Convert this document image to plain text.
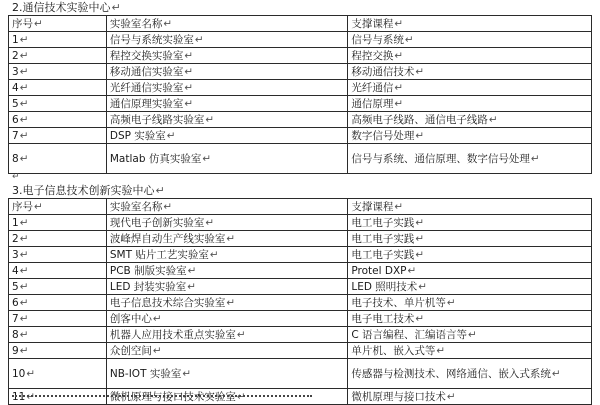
2.通信技术实验中心↵
序号↵	实验室名称↵	支撑课程↵
1↵	信号与系统实验室↵	信号与系统↵
2↵	程控交换实验室↵	程控交换↵
3↵	移动通信实验室↵	移动通信技术↵
4↵	光纤通信实验室↵	光纤通信↵
5↵	通信原理实验室↵	通信原理↵
6↵	高频电子线路实验室↵	高频电子线路、通信电子线路↵
7↵	DSP 实验室↵	数字信号处理↵
8↵	Matlab 仿真实验室↵	信号与系统、通信原理、数字信号处理↵
↵
3.电子信息技术创新实验中心↵
序号↵	实验室名称↵	支撑课程↵
1↵	现代电子创新实验室↵	电工电子实践↵
2↵	波峰焊自动生产线实验室↵	电工电子实践↵
3↵	SMT 贴片工艺实验室↵	电工电子实践↵
4↵	PCB 制版实验室↵	Protel DXP↵
5↵	LED 封装实验室↵	LED 照明技术↵
6↵	电子信息技术综合实验室↵	电子技术、单片机等↵
7↵	创客中心↵	电子电工技术↵
8↵	机器人应用技术重点实验室↵	C 语言编程、汇编语言等↵
9↵	众创空间↵	单片机、嵌入式等↵
10↵	NB-IOT 实验室↵	传感器与检测技术、网络通信、嵌入式系统↵
11↵	微机原理与接口技术实验室↵	微机原理与接口技术↵
